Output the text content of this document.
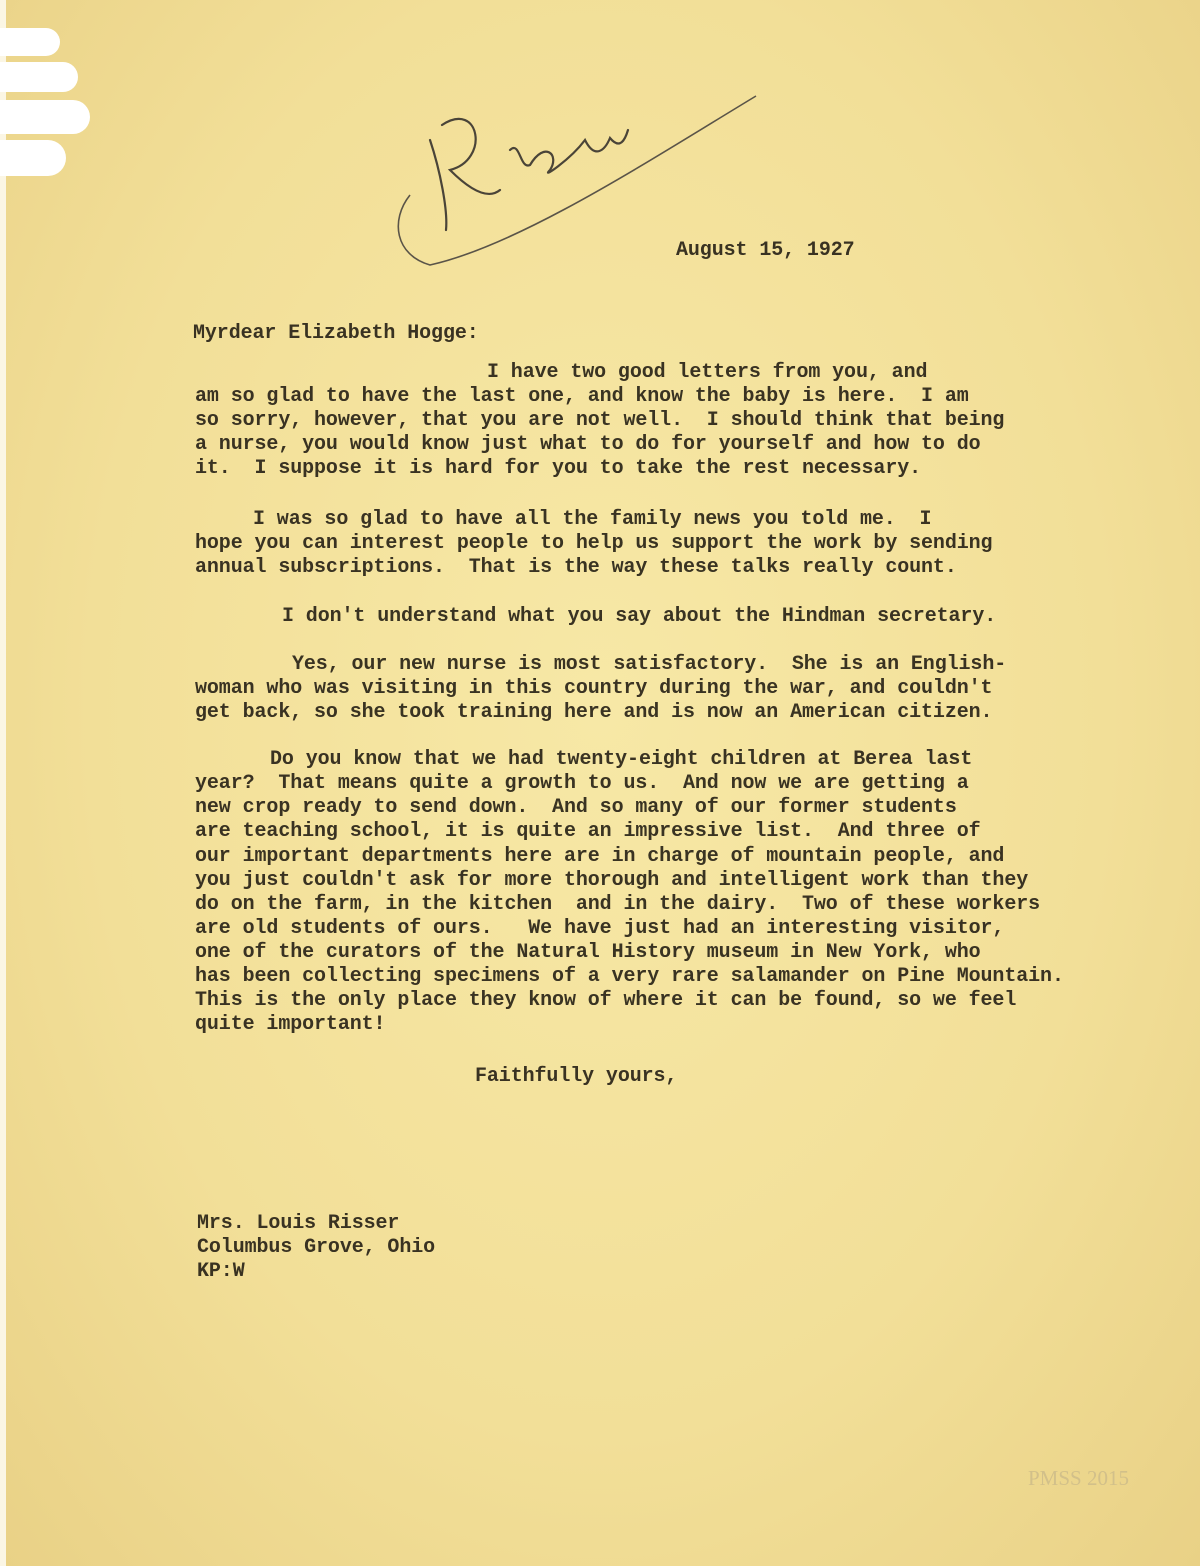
August 15, 1927
Myrdear Elizabeth Hogge:
I have two good letters from you, and
am so glad to have the last one, and know the baby is here.  I am
so sorry, however, that you are not well.  I should think that being
a nurse, you would know just what to do for yourself and how to do
it.  I suppose it is hard for you to take the rest necessary.
I was so glad to have all the family news you told me.  I
hope you can interest people to help us support the work by sending
annual subscriptions.  That is the way these talks really count.
I don't understand what you say about the Hindman secretary.
Yes, our new nurse is most satisfactory.  She is an English-
woman who was visiting in this country during the war, and couldn't
get back, so she took training here and is now an American citizen.
Do you know that we had twenty-eight children at Berea last
year?  That means quite a growth to us.  And now we are getting a
new crop ready to send down.  And so many of our former students
are teaching school, it is quite an impressive list.  And three of
our important departments here are in charge of mountain people, and
you just couldn't ask for more thorough and intelligent work than they
do on the farm, in the kitchen  and in the dairy.  Two of these workers
are old students of ours.   We have just had an interesting visitor,
one of the curators of the Natural History museum in New York, who
has been collecting specimens of a very rare salamander on Pine Mountain.
This is the only place they know of where it can be found, so we feel
quite important!
Faithfully yours,
Mrs. Louis Risser
Columbus Grove, Ohio
KP:W
PMSS 2015
